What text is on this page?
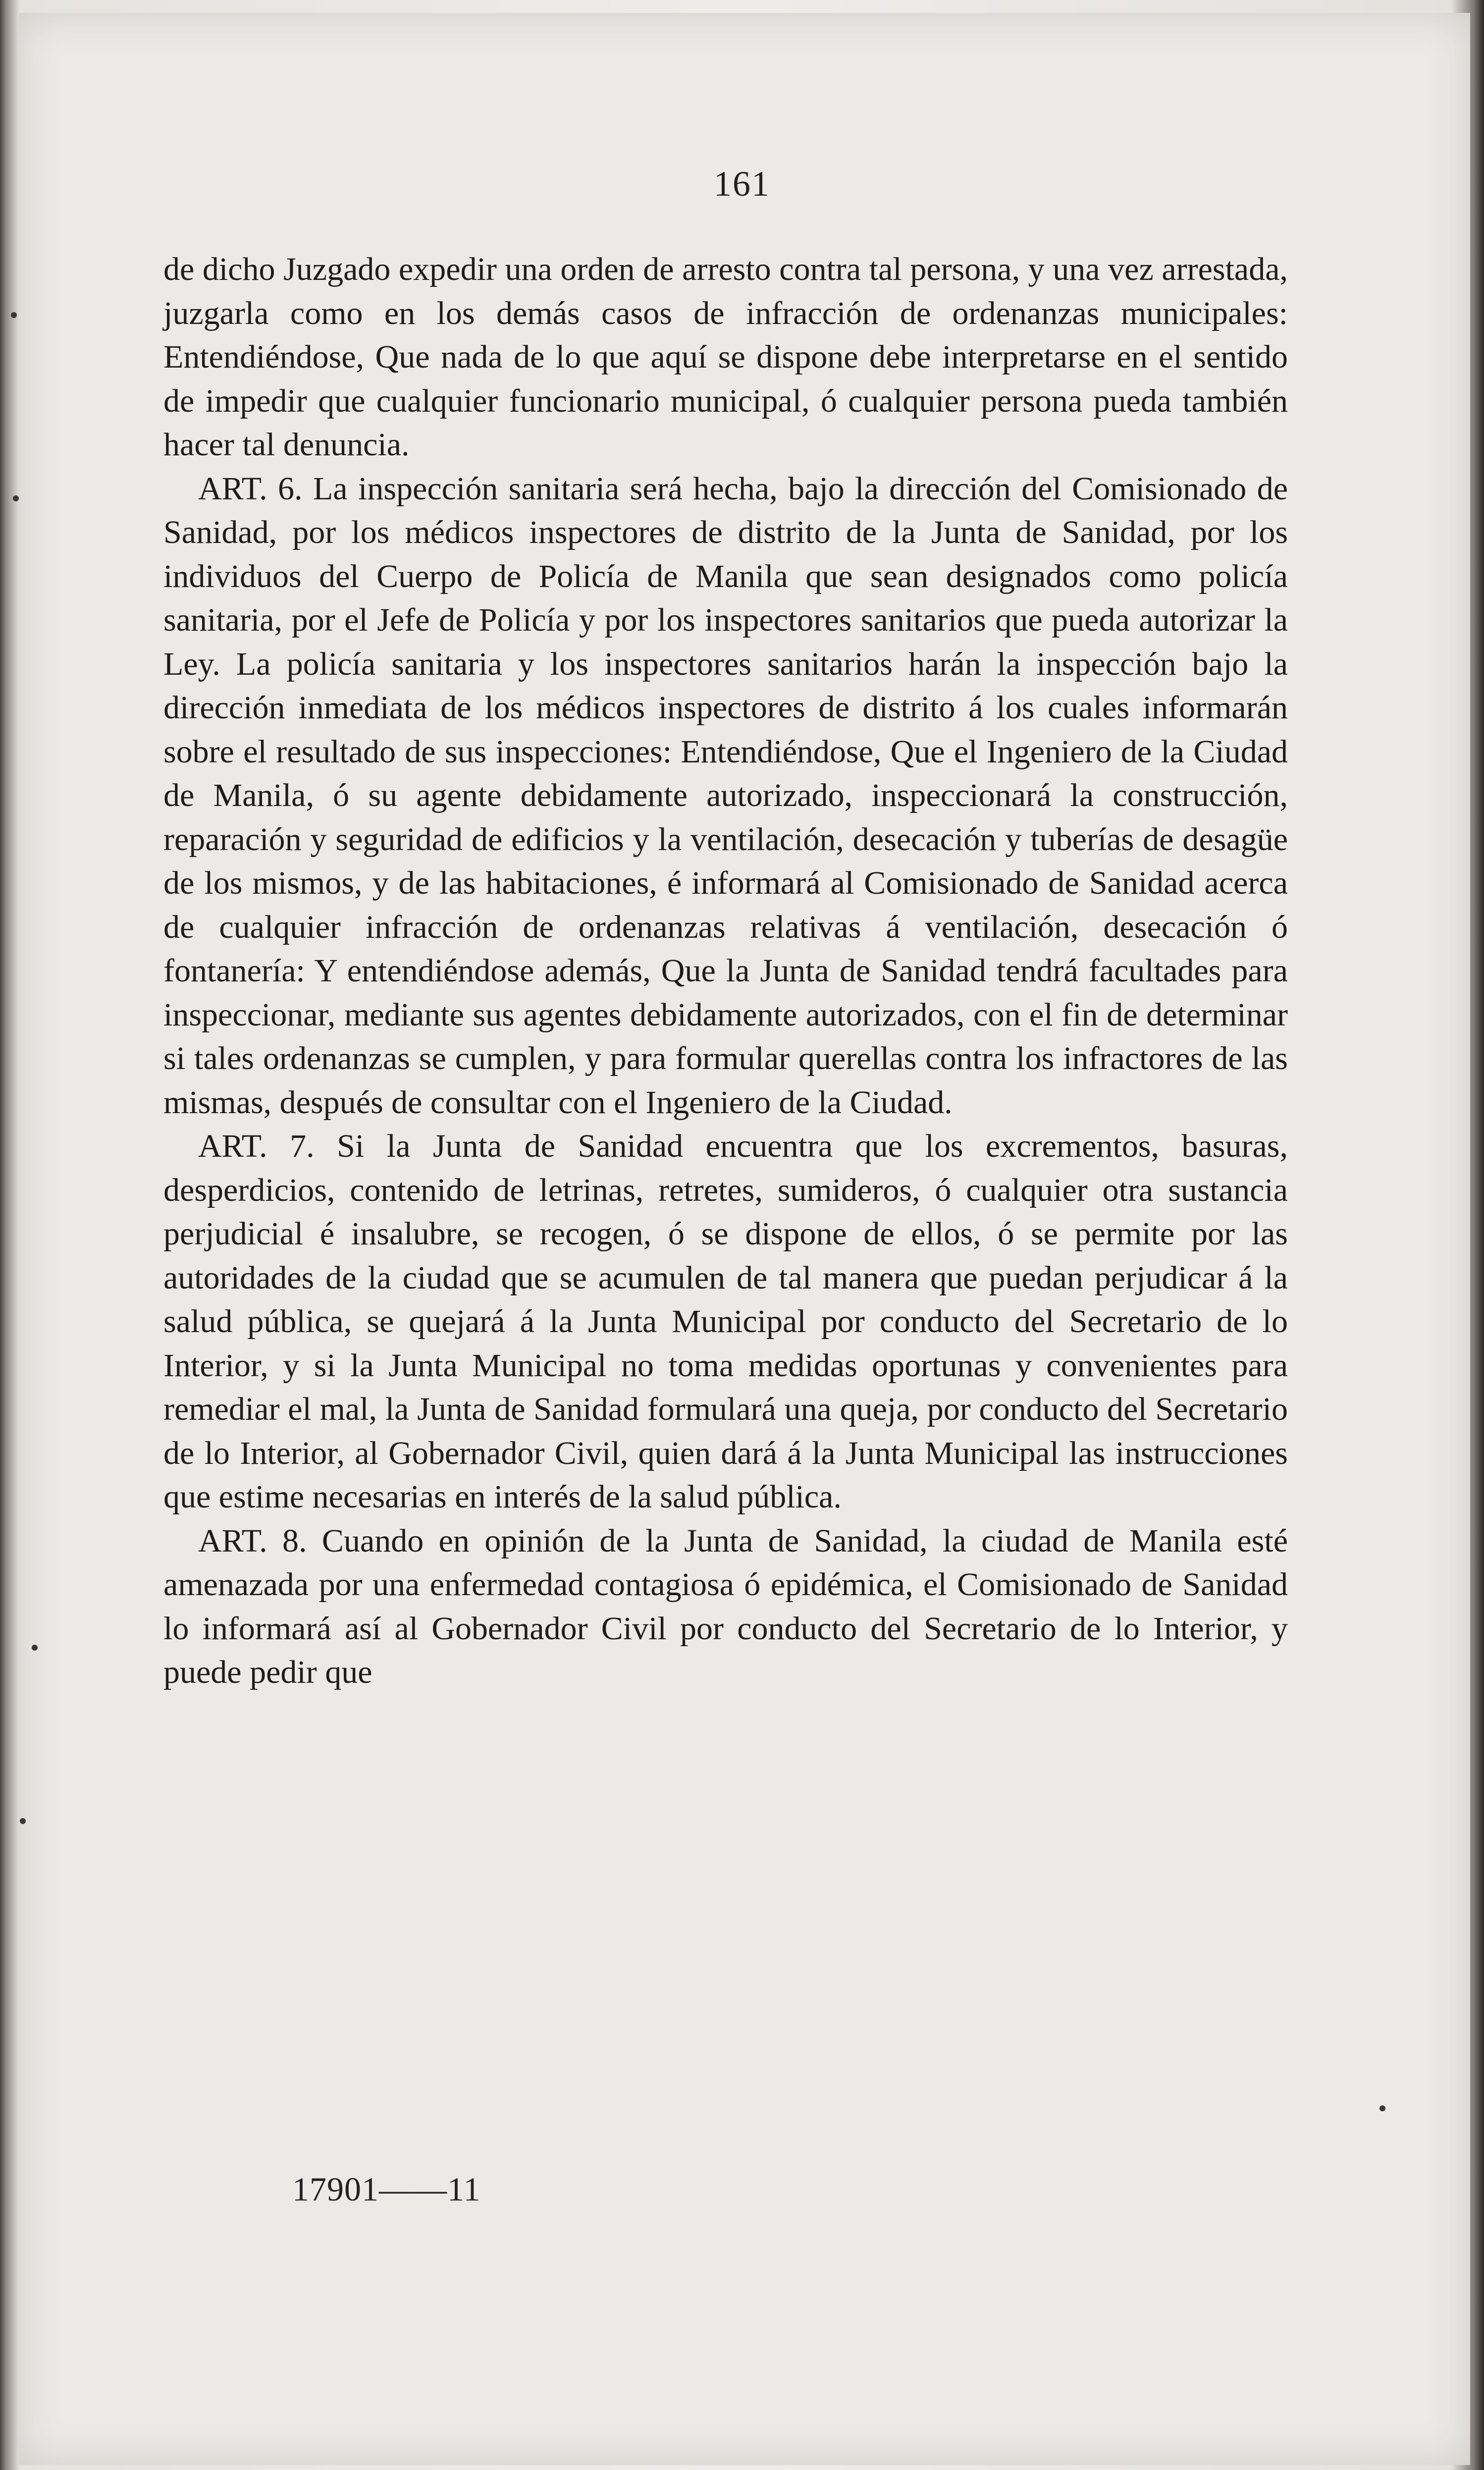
161

de dicho Juzgado expedir una orden de arresto contra tal persona, y una vez arrestada, juzgarla como en los demás casos de infracción de ordenanzas municipales: Entendiéndose, Que nada de lo que aquí se dispone debe interpretarse en el sentido de impedir que cualquier funcionario municipal, ó cualquier persona pueda también hacer tal denuncia.

ART. 6. La inspección sanitaria será hecha, bajo la dirección del Comisionado de Sanidad, por los médicos inspectores de distrito de la Junta de Sanidad, por los individuos del Cuerpo de Policía de Manila que sean designados como policía sanitaria, por el Jefe de Policía y por los inspectores sanitarios que pueda autorizar la Ley. La policía sanitaria y los inspectores sanitarios harán la inspección bajo la dirección inmediata de los médicos inspectores de distrito á los cuales informarán sobre el resultado de sus inspecciones: Entendiéndose, Que el Ingeniero de la Ciudad de Manila, ó su agente debidamente autorizado, inspeccionará la construcción, reparación y seguridad de edificios y la ventilación, desecación y tuberías de desagüe de los mismos, y de las habitaciones, é informará al Comisionado de Sanidad acerca de cualquier infracción de ordenanzas relativas á ventilación, desecación ó fontanería: Y entendiéndose además, Que la Junta de Sanidad tendrá facultades para inspeccionar, mediante sus agentes debidamente autorizados, con el fin de determinar si tales ordenanzas se cumplen, y para formular querellas contra los infractores de las mismas, después de consultar con el Ingeniero de la Ciudad.

ART. 7. Si la Junta de Sanidad encuentra que los excrementos, basuras, desperdicios, contenido de letrinas, retretes, sumideros, ó cualquier otra sustancia perjudicial é insalubre, se recogen, ó se dispone de ellos, ó se permite por las autoridades de la ciudad que se acumulen de tal manera que puedan perjudicar á la salud pública, se quejará á la Junta Municipal por conducto del Secretario de lo Interior, y si la Junta Municipal no toma medidas oportunas y convenientes para remediar el mal, la Junta de Sanidad formulará una queja, por conducto del Secretario de lo Interior, al Gobernador Civil, quien dará á la Junta Municipal las instrucciones que estime necesarias en interés de la salud pública.

ART. 8. Cuando en opinión de la Junta de Sanidad, la ciudad de Manila esté amenazada por una enfermedad contagiosa ó epidémica, el Comisionado de Sanidad lo informará así al Gobernador Civil por conducto del Secretario de lo Interior, y puede pedir que

17901——11
